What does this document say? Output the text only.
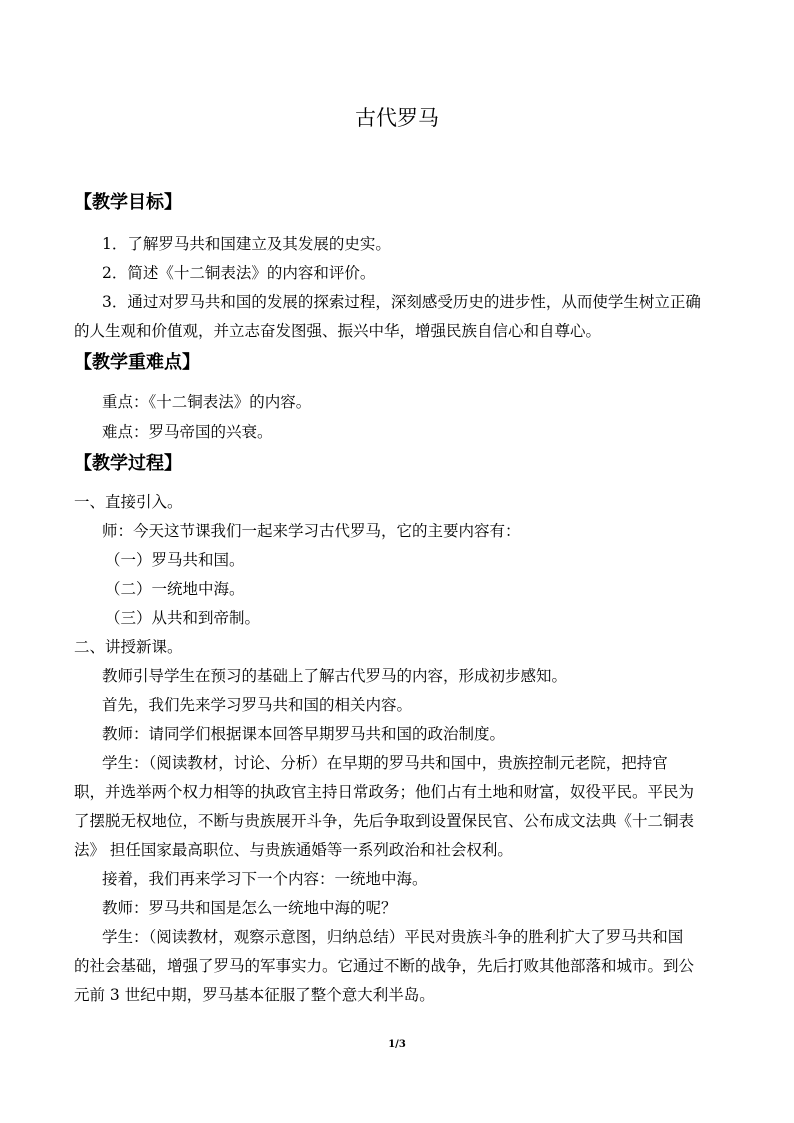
古代罗马
【教学目标】
1．了解罗马共和国建立及其发展的史实。
2．简述《十二铜表法》的内容和评价。
3．通过对罗马共和国的发展的探索过程，深刻感受历史的进步性，从而使学生树立正确
的人生观和价值观，并立志奋发图强、振兴中华，增强民族自信心和自尊心。
【教学重难点】
重点：《十二铜表法》的内容。
难点：罗马帝国的兴衰。
【教学过程】
一、直接引入。
师：今天这节课我们一起来学习古代罗马，它的主要内容有：
（一）罗马共和国。
（二）一统地中海。
（三）从共和到帝制。
二、讲授新课。
教师引导学生在预习的基础上了解古代罗马的内容，形成初步感知。
首先，我们先来学习罗马共和国的相关内容。
教师：请同学们根据课本回答早期罗马共和国的政治制度。
学生：（阅读教材，讨论、分析）在早期的罗马共和国中，贵族控制元老院，把持官
职，并选举两个权力相等的执政官主持日常政务；他们占有土地和财富，奴役平民。平民为
了摆脱无权地位，不断与贵族展开斗争，先后争取到设置保民官、公布成文法典《十二铜表
法》 担任国家最高职位、与贵族通婚等一系列政治和社会权利。
接着，我们再来学习下一个内容：一统地中海。
教师：罗马共和国是怎么一统地中海的呢？
学生：（阅读教材，观察示意图，归纳总结）平民对贵族斗争的胜利扩大了罗马共和国
的社会基础，增强了罗马的军事实力。它通过不断的战争，先后打败其他部落和城市。到公
元前 3 世纪中期，罗马基本征服了整个意大利半岛。
1/3
